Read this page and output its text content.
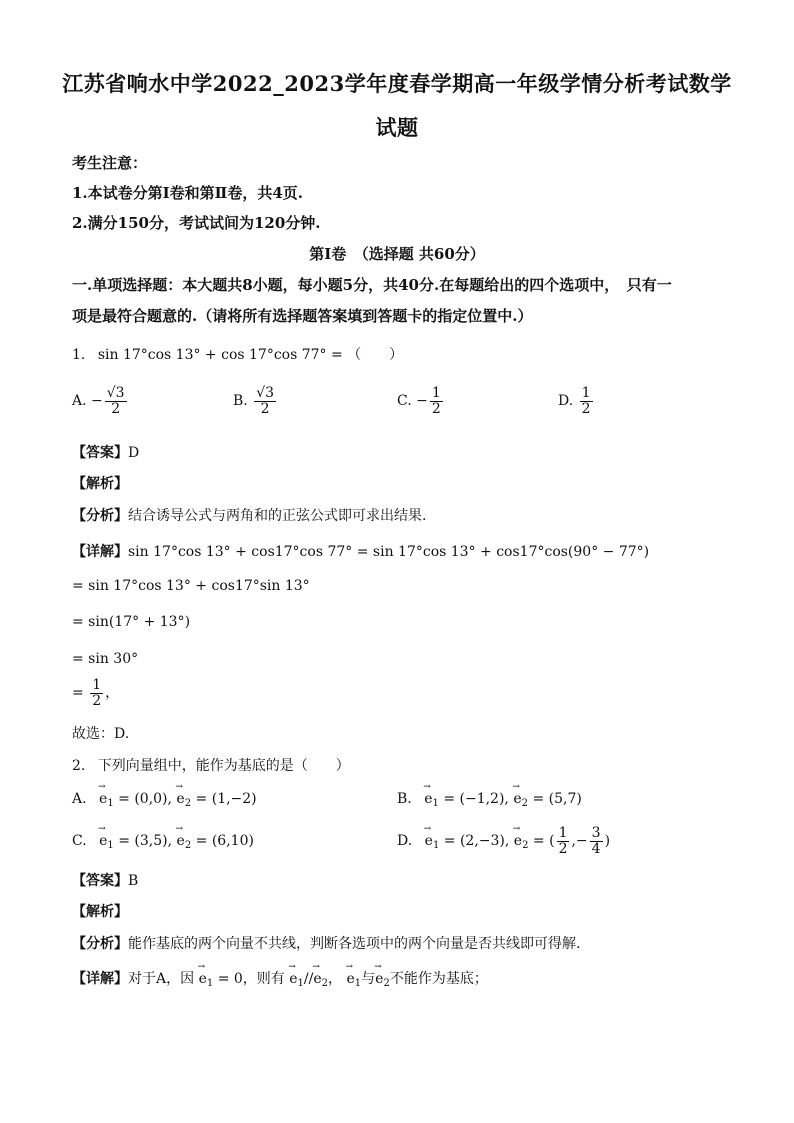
江苏省响水中学2022_2023学年度春学期高一年级学情分析考试数学
试题
考生注意：
1.本试卷分第Ⅰ卷和第Ⅱ卷，共4页.
2.满分150分，考试试间为120分钟.
第Ⅰ卷　（选择题 共60分）
一.单项选择题：本大题共8小题，每小题5分，共40分.在每题给出的四个选项中，　只有一
项是最符合题意的.（请将所有选择题答案填到答题卡的指定位置中.）
1. sin 17°cos 13° + cos 17°cos 77° = （　　）
A. − $\frac{√3}{2}$	B. $\frac{√3}{2}$	C. − $\frac{1}{2}$	D. $\frac{1}{2}$
【答案】D
【解析】
【分析】结合诱导公式与两角和的正弦公式即可求出结果.
【详解】sin 17°cos 13° + cos17°cos 77° = sin 17°cos 13° + cos17°cos(90° − 77°)
= sin 17°cos 13° + cos17°sin 13°
= sin(17° + 13°)
= sin 30°
= $\frac{1}{2}$ ，
故选：D.
2. 下列向量组中，能作为基底的是（　　）
A. → $e_1 = (0,0)$, → $e_2 = (1,-2)$	B. → $e_1 = (-1,2)$, → $e_2 = (5,7)$
C. → $e_1 = (3,5)$, → $e_2 = (6,10)$	D. → $e_1 = (2,-3)$, → $e_2$ = ( $\frac{1}{2}$ ,− $\frac{3}{4}$ )
【答案】B
【解析】
【分析】能作基底的两个向量不共线，判断各选项中的两个向量是否共线即可得解.
【详解】对于A，因 → $e_1 = 0$，则有 → $e_1//\to e_2$， → $e_1$与→ $e_2$不能作为基底；
